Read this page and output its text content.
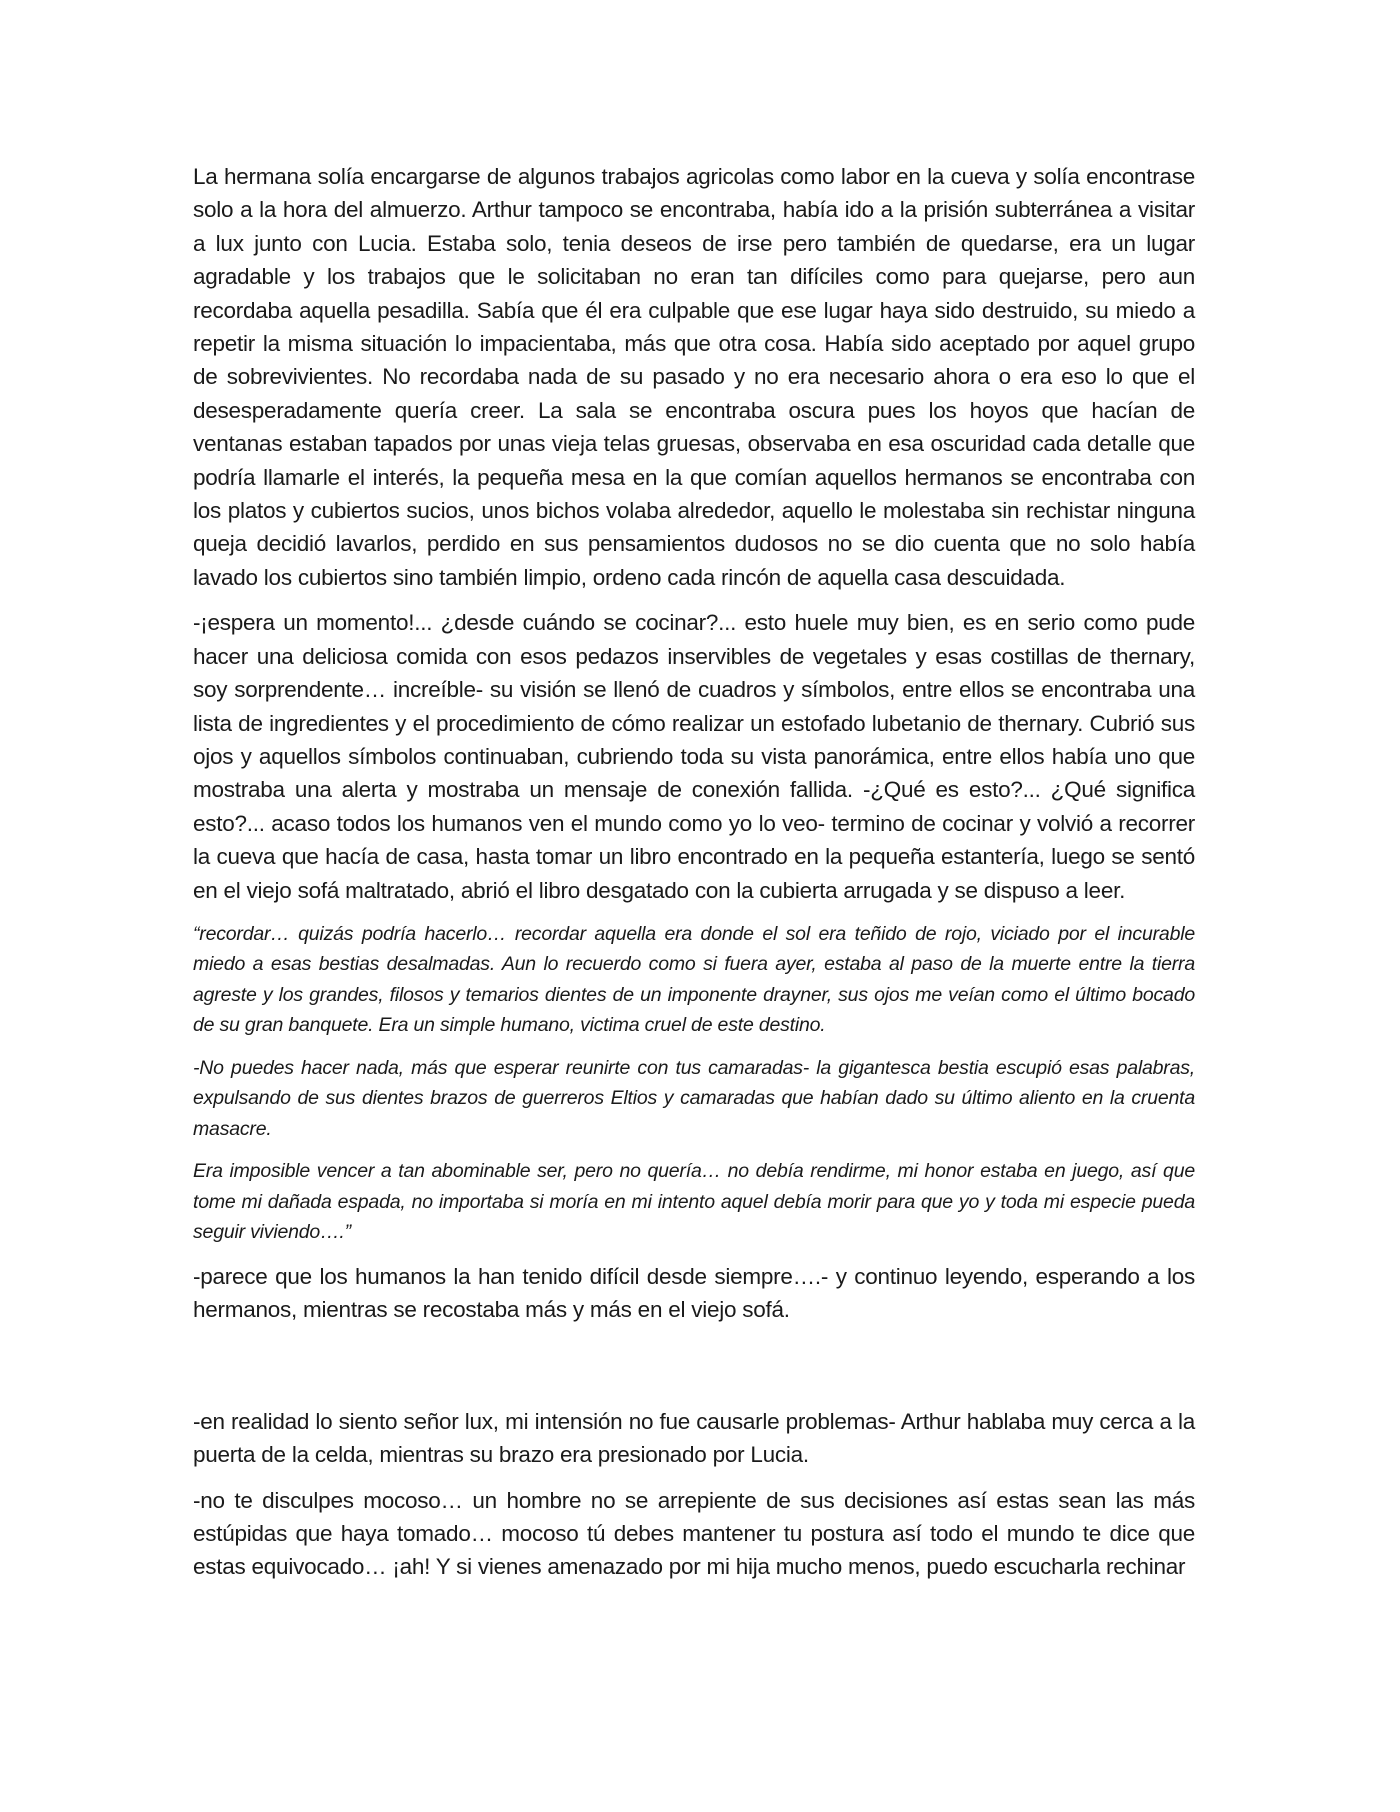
La hermana solía encargarse de algunos trabajos agricolas como labor en la cueva y solía encontrase solo a la hora del almuerzo. Arthur tampoco se encontraba, había ido a la prisión subterránea a visitar a lux junto con Lucia. Estaba solo, tenia deseos de irse pero también de quedarse, era un lugar agradable y los trabajos que le solicitaban no eran tan difíciles como para quejarse, pero aun recordaba aquella pesadilla. Sabía que él era culpable que ese lugar haya sido destruido, su miedo a repetir la misma situación lo impacientaba, más que otra cosa. Había sido aceptado por aquel grupo de sobrevivientes. No recordaba nada de su pasado y no era necesario ahora o era eso lo que el desesperadamente quería creer. La sala se encontraba oscura pues los hoyos que hacían de ventanas estaban tapados por unas vieja telas gruesas, observaba en esa oscuridad cada detalle que podría llamarle el interés, la pequeña mesa en la que comían aquellos hermanos se encontraba con los platos y cubiertos sucios, unos bichos volaba alrededor, aquello le molestaba sin rechistar ninguna queja decidió lavarlos, perdido en sus pensamientos dudosos no se dio cuenta que no solo había lavado los cubiertos sino también limpio, ordeno cada rincón de aquella casa descuidada.

-¡espera un momento!... ¿desde cuándo se cocinar?... esto huele muy bien, es en serio como pude hacer una deliciosa comida con esos pedazos inservibles de vegetales y esas costillas de thernary, soy sorprendente… increíble- su visión se llenó de cuadros y símbolos, entre ellos se encontraba una lista de ingredientes y el procedimiento de cómo realizar un estofado lubetanio de thernary. Cubrió sus ojos y aquellos símbolos continuaban, cubriendo toda su vista panorámica, entre ellos había uno que mostraba una alerta y mostraba un mensaje de conexión fallida. -¿Qué es esto?... ¿Qué significa esto?... acaso todos los humanos ven el mundo como yo lo veo- termino de cocinar y volvió a recorrer la cueva que hacía de casa, hasta tomar un libro encontrado en la pequeña estantería, luego se sentó en el viejo sofá maltratado, abrió el libro desgatado con la cubierta arrugada y se dispuso a leer.

“recordar… quizás podría hacerlo… recordar aquella era donde el sol era teñido de rojo, viciado por el incurable miedo a esas bestias desalmadas. Aun lo recuerdo como si fuera ayer, estaba al paso de la muerte entre la tierra agreste y los grandes, filosos y temarios dientes de un imponente drayner, sus ojos me veían como el último bocado de su gran banquete. Era un simple humano, victima cruel de este destino.

-No puedes hacer nada, más que esperar reunirte con tus camaradas- la gigantesca bestia escupió esas palabras, expulsando de sus dientes brazos de guerreros Eltios y camaradas que habían dado su último aliento en la cruenta masacre.

Era imposible vencer a tan abominable ser, pero no quería… no debía rendirme, mi honor estaba en juego, así que tome mi dañada espada, no importaba si moría en mi intento aquel debía morir para que yo y toda mi especie pueda seguir viviendo….”

-parece que los humanos la han tenido difícil desde siempre….- y continuo leyendo, esperando a los hermanos, mientras se recostaba más y más en el viejo sofá.

-en realidad lo siento señor lux, mi intensión no fue causarle problemas- Arthur hablaba muy cerca a la puerta de la celda, mientras su brazo era presionado por Lucia.

-no te disculpes mocoso… un hombre no se arrepiente de sus decisiones así estas sean las más estúpidas que haya tomado… mocoso tú debes mantener tu postura así todo el mundo te dice que estas equivocado… ¡ah! Y si vienes amenazado por mi hija mucho menos, puedo escucharla rechinar
